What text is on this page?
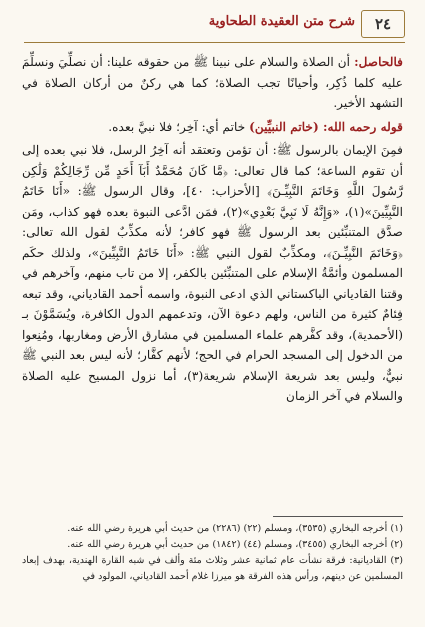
٢٤
شرح متن العقيدة الطحاوية

فالحاصل: أن الصلاة والسلام على نبينا ﷺ من حقوقه علينا: أن نصلِّيَ ونسلِّمَ عليه كلما ذُكِر، وأحيانًا تجب الصلاة؛ كما هي ركنٌ من أركان الصلاة في التشهد الأخير.

قوله رحمه الله: (خاتم النبيِّين) خاتم أي: آخِر؛ فلا نبيَّ بعده.

فمِنَ الإيمان بالرسول ﷺ: أن تؤمن وتعتقد أنه آخِرُ الرسل، فلا نبي بعده إلى أن تقوم الساعة؛ كما قال تعالى: ﴿مَّا كَانَ مُحَمَّدٌ أَبَآ أَحَدٍ مِّن رِّجَالِكُمْ وَلَٰكِن رَّسُولَ اللَّهِ وَخَاتَمَ النَّبِيِّـنَ﴾ [الأحزاب: ٤٠]، وقال الرسول ﷺ: «أَنَا خَاتَمُ النَّبِيِّينَ»(١)، «وَإِنَّهُ لَا نَبِيَّ بَعْدِي»(٢)، فمَن ادَّعى النبوة بعده فهو كذاب، ومَن صدَّق المتنبِّئين بعد الرسول ﷺ فهو كافر؛ لأنه مكذِّبٌ لقول الله تعالى: ﴿وَخَاتَمَ النَّبِيِّـنَ﴾، ومكذِّبٌ لقول النبي ﷺ: «أَنَا خَاتَمُ النَّبِيِّينَ»، ولذلك حكَم المسلمون وأئمَّةُ الإسلام على المتنبِّئين بالكفر، إلا من تاب منهم، وآخرهم في وقتنا القادياني الباكستاني الذي ادعى النبوة، واسمه أحمد القادياني، وقد تبعه فِئامٌ كثيرة من الناس، ولهم دعوة الآن، وتدعمهم الدول الكافرة، ويُسَمَّوْنَ بـ (الأحمدية)، وقد كفَّرهم علماء المسلمين في مشارق الأرض ومغاربها، ومُنِعوا من الدخول إلى المسجد الحرام في الحج؛ لأنهم كفَّار؛ لأنه ليس بعد النبي ﷺ نبيٌّ، وليس بعد شريعة الإسلام شريعة(٣)، أما نزول المسيح عليه الصلاة والسلام في آخر الزمان

(١) أخرجه البخاري (٣٥٣٥)، ومسلم (٢٢) (٢٢٨٦) من حديث أبي هريرة رضي الله عنه.

(٢) أخرجه البخاري (٣٤٥٥)، ومسلم (٤٤) (١٨٤٢) من حديث أبي هريرة رضي الله عنه.

(٣) القاديانية: فرقة نشأت عام ثمانية عشر وثلاث مئة وألف في شبه القارة الهندية، بهدف إبعاد المسلمين عن دينهم، ورأس هذه الفرقة هو ميرزا غلام أحمد القادياني، المولود في
